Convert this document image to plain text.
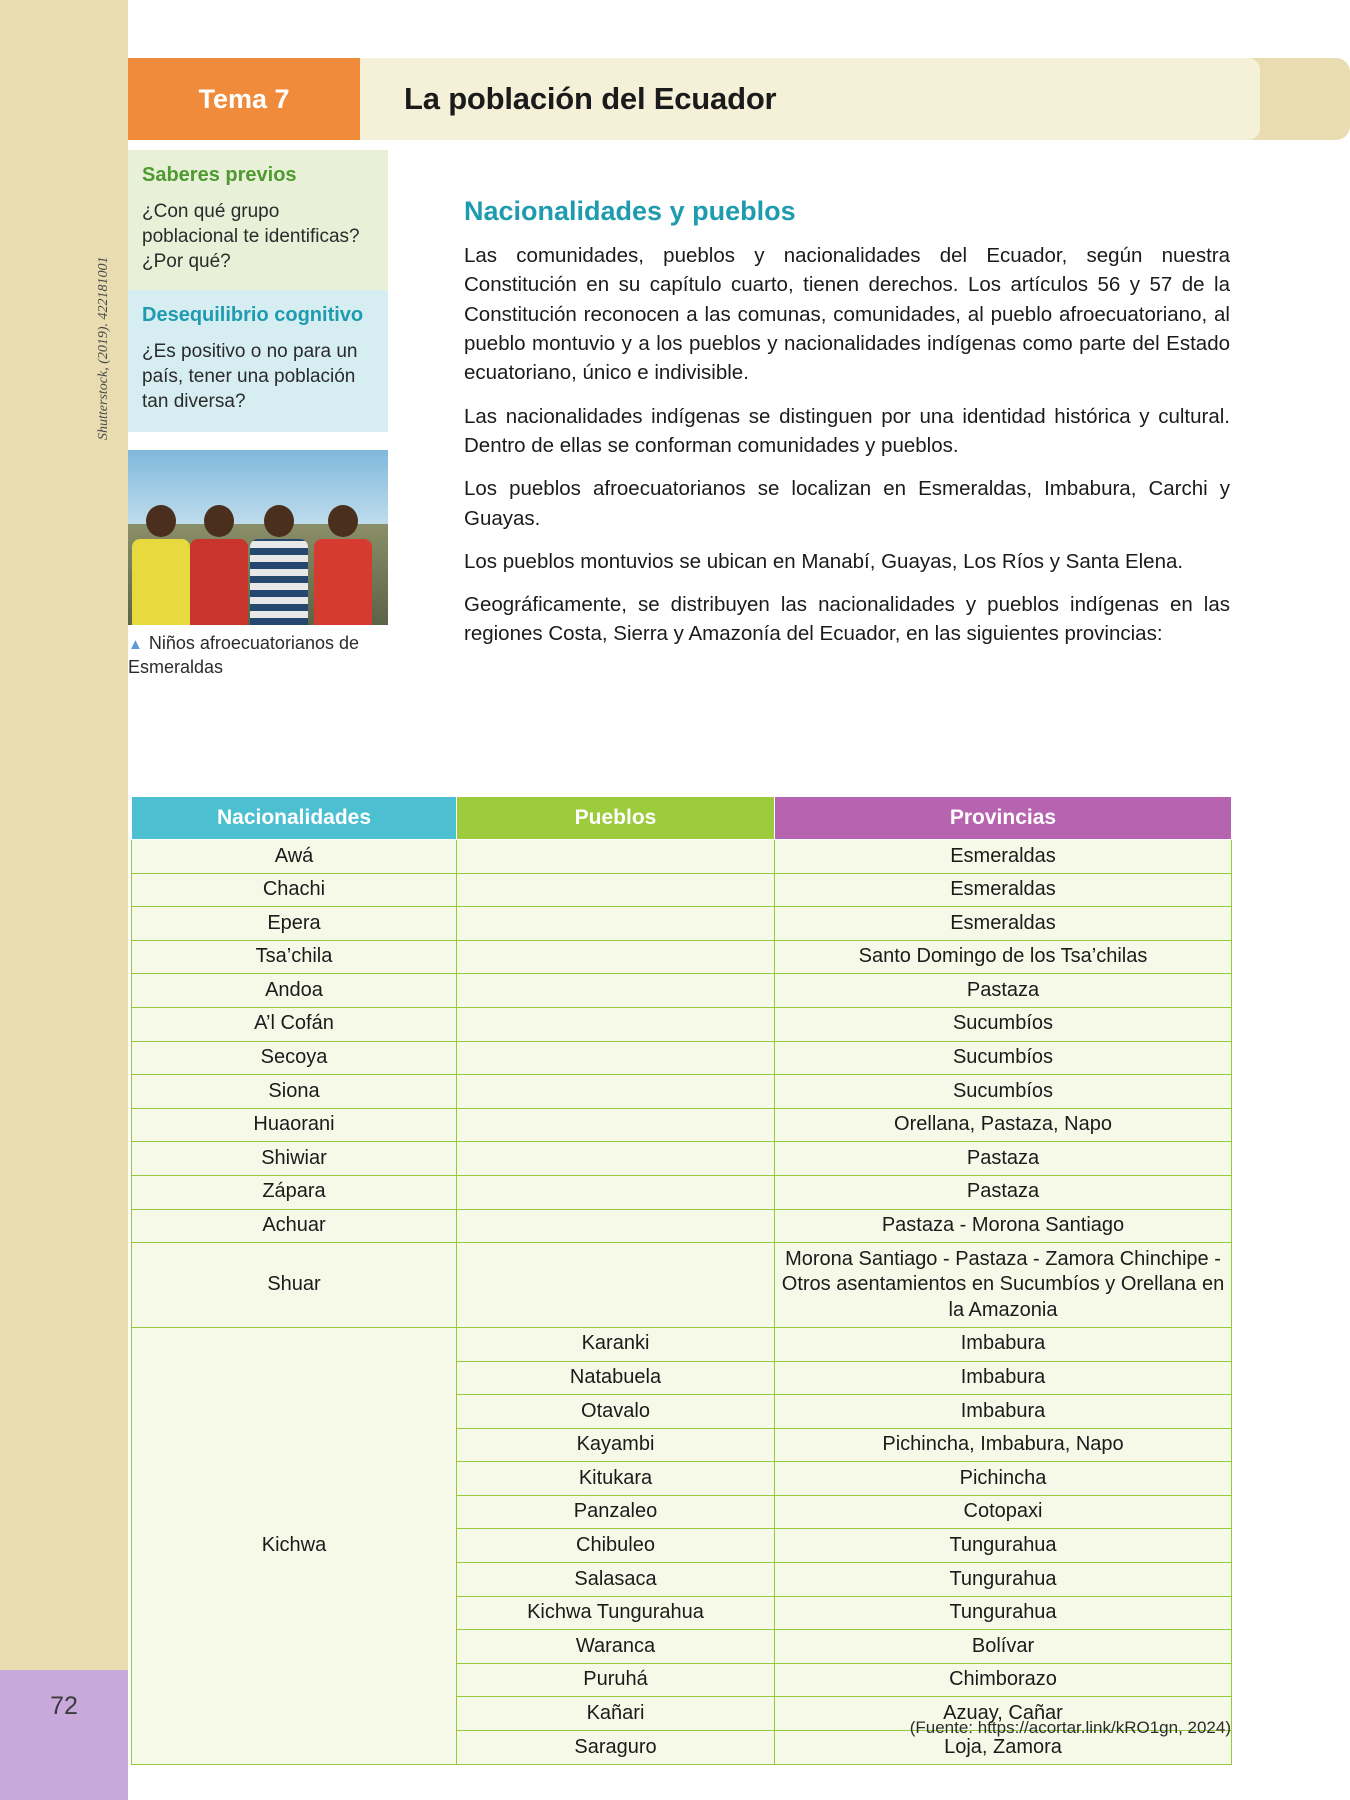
72
La población del Ecuador
Tema 7
Saberes previos
¿Con qué grupo poblacional te identificas? ¿Por qué?
Desequilibrio cognitivo
¿Es positivo o no para un país, tener una población tan diversa?
Shutterstock, (2019). 422181001
▲ Niños afroecuatorianos de Esmeraldas
Nacionalidades y pueblos

Las comunidades, pueblos y nacionalidades del Ecuador, según nuestra Constitución en su capítulo cuarto, tienen derechos. Los artículos 56 y 57 de la Constitución reconocen a las comunas, comunidades, al pueblo afroecuatoriano, al pueblo montuvio y a los pueblos y nacionalidades indígenas como parte del Estado ecuatoriano, único e indivisible.

Las nacionalidades indígenas se distinguen por una identidad histórica y cultural. Dentro de ellas se conforman comunidades y pueblos.

Los pueblos afroecuatorianos se localizan en Esmeraldas, Imbabura, Carchi y Guayas.

Los pueblos montuvios se ubican en Manabí, Guayas, Los Ríos y Santa Elena.

Geográficamente, se distribuyen las nacionalidades y pueblos indígenas en las regiones Costa, Sierra y Amazonía del Ecuador, en las siguientes provincias:

Nacionalidades	Pueblos	Provincias
Awá		Esmeraldas
Chachi		Esmeraldas
Epera		Esmeraldas
Tsa’chila		Santo Domingo de los Tsa’chilas
Andoa		Pastaza
A’l Cofán		Sucumbíos
Secoya		Sucumbíos
Siona		Sucumbíos
Huaorani		Orellana, Pastaza, Napo
Shiwiar		Pastaza
Zápara		Pastaza
Achuar		Pastaza - Morona Santiago
Shuar		Morona Santiago - Pastaza - Zamora Chinchipe - Otros asentamientos en Sucumbíos y Orellana en la Amazonia
Kichwa	Karanki	Imbabura
	Natabuela	Imbabura
	Otavalo	Imbabura
	Kayambi	Pichincha, Imbabura, Napo
	Kitukara	Pichincha
	Panzaleo	Cotopaxi
	Chibuleo	Tungurahua
	Salasaca	Tungurahua
	Kichwa Tungurahua	Tungurahua
	Waranca	Bolívar
	Puruhá	Chimborazo
	Kañari	Azuay, Cañar
	Saraguro	Loja, Zamora
(Fuente: https://acortar.link/kRO1gn, 2024)
